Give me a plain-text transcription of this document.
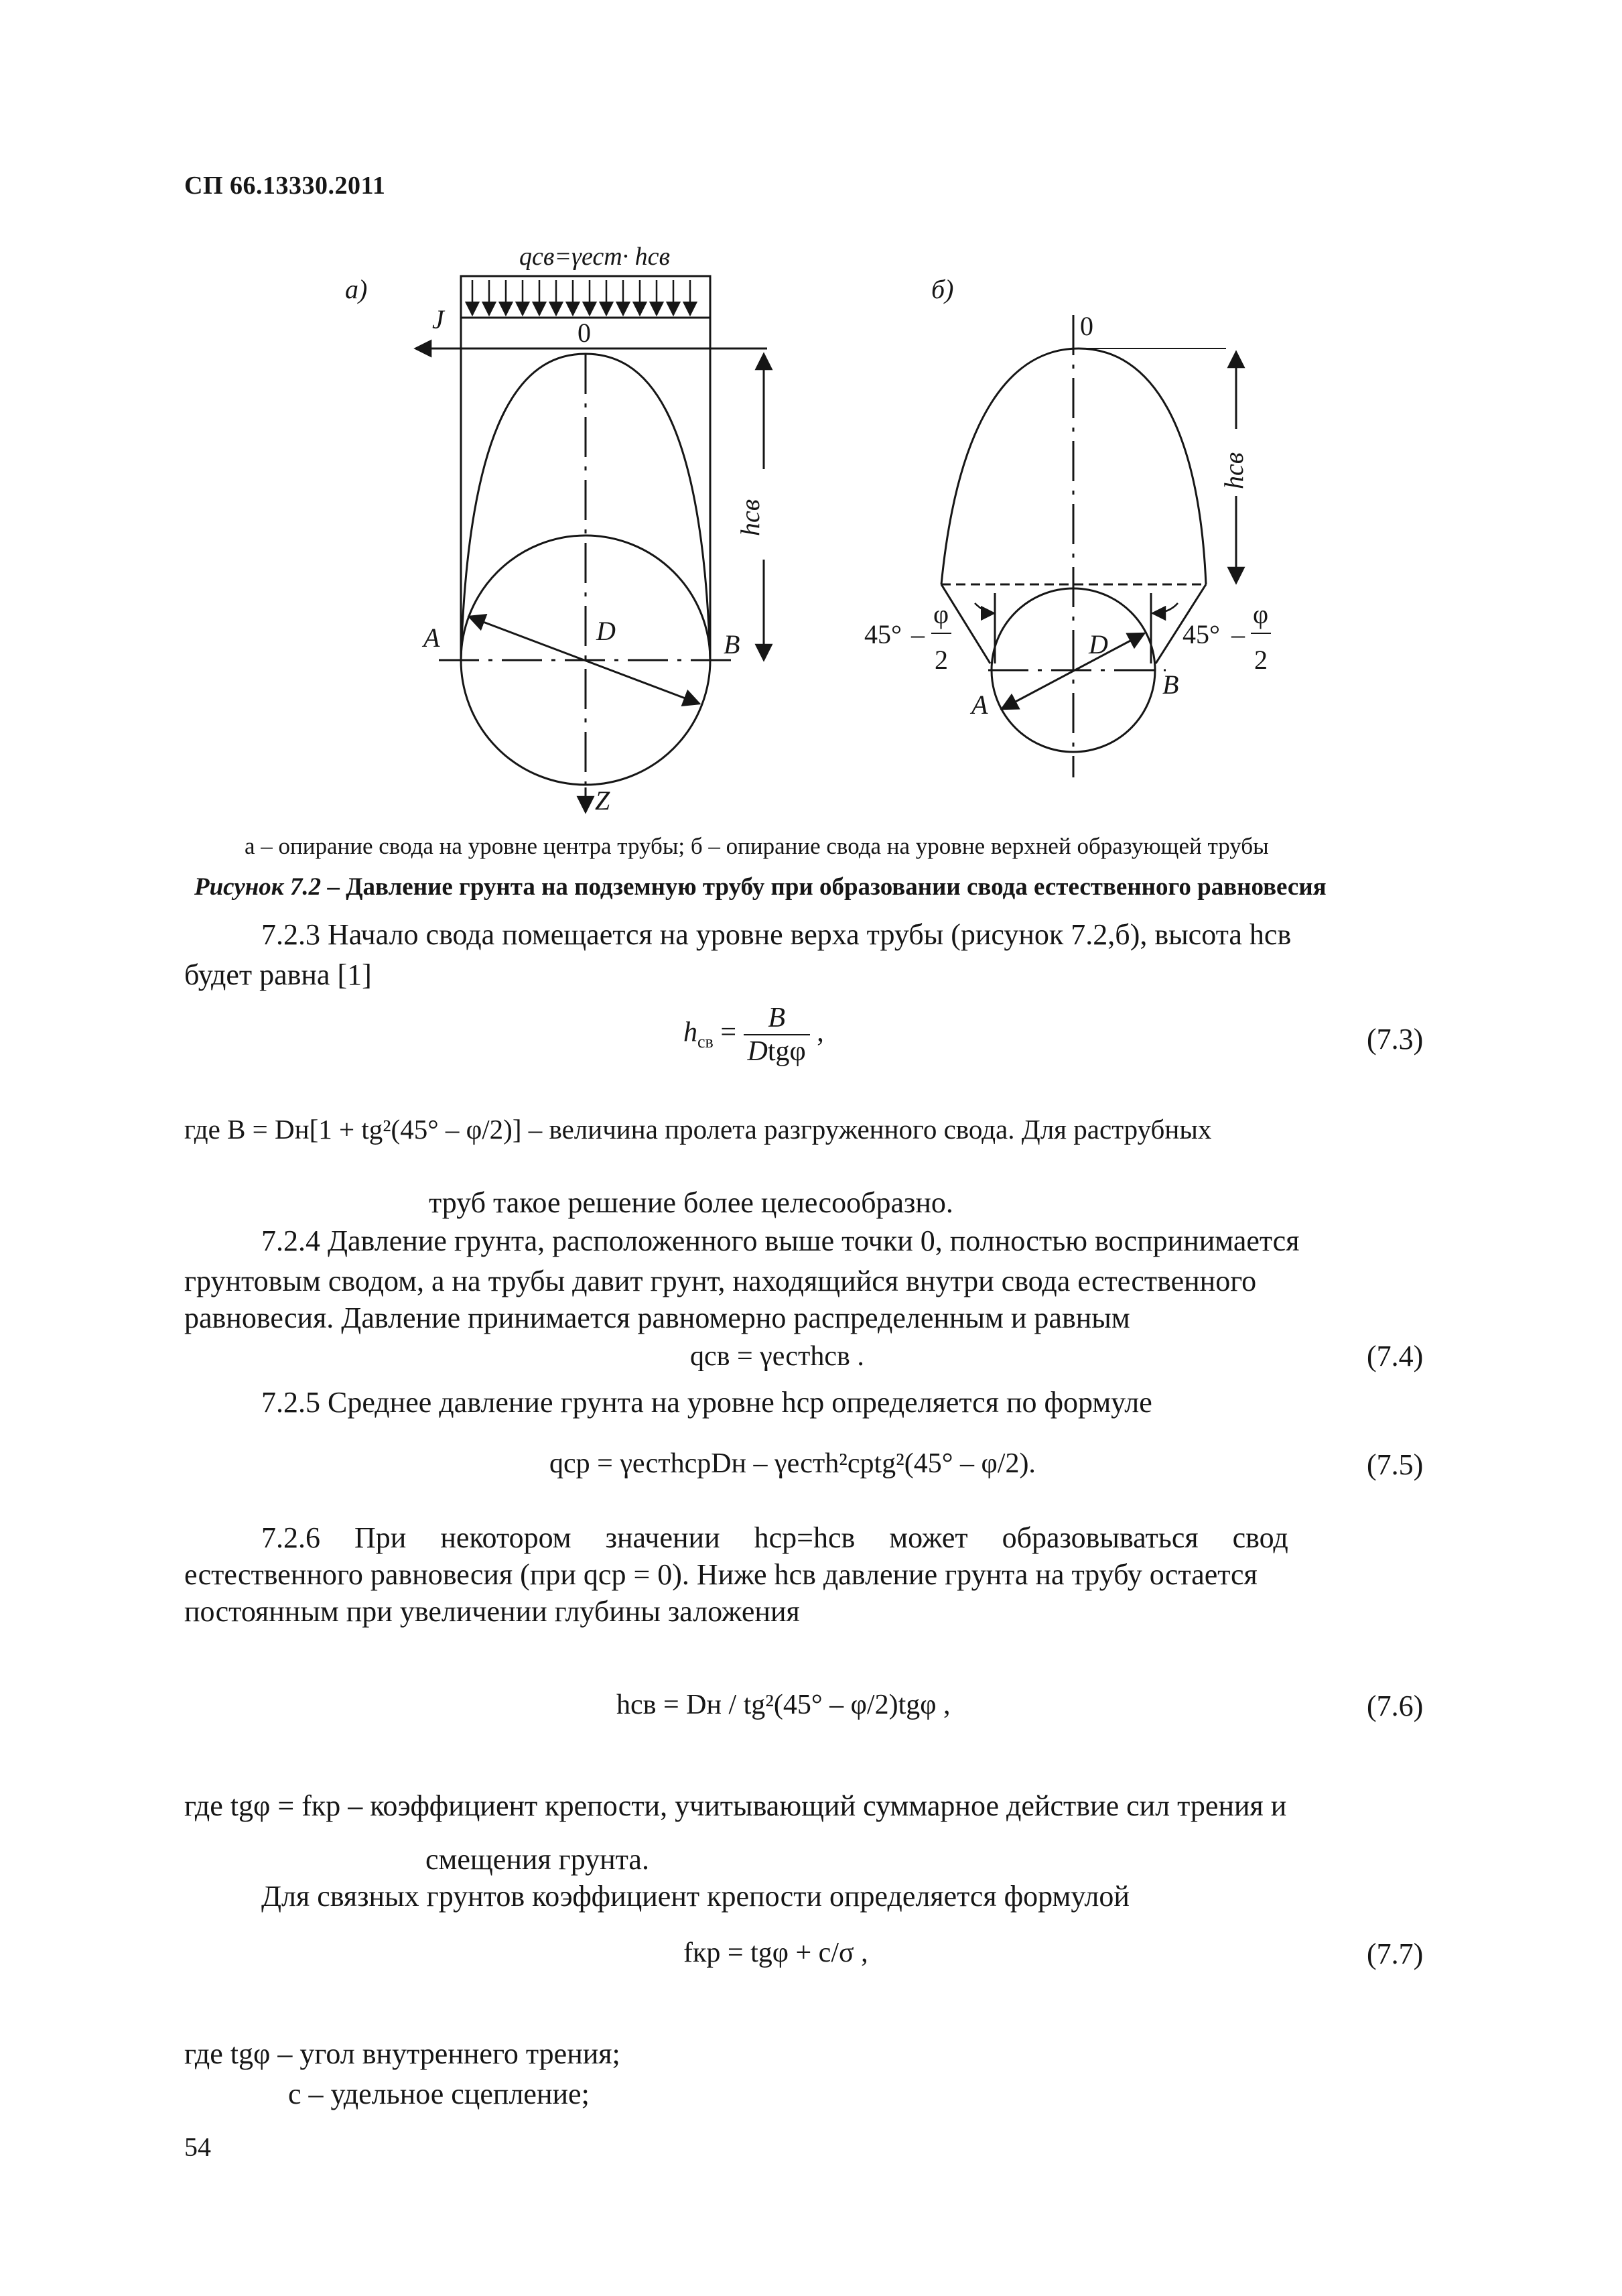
СП 66.13330.2011
а)
qсв=γест· hсв
J	0
A	B
D
Z
hсв
б)
0
hсв
A
B
D
45° –
φ
2
45° –
φ
2
а – опирание свода на уровне центра трубы; б – опирание свода на уровне верхней образующей трубы
Рисунок 7.2 – Давление грунта на подземную трубу при образовании свода естественного равновесия
7.2.3 Начало свода помещается на уровне верха трубы (рисунок 7.2,б), высота hсв
будет равна [1]
$h_{св} = \frac{B}{\text{Dtgφ}}$ ,	(7.3)
где B = Dн[1 + tg²(45° – φ/2)] – величина пролета разгруженного свода. Для раструбных
труб такое решение более целесообразно.
7.2.4 Давление грунта, расположенного выше точки 0, полностью воспринимается
грунтовым сводом, а на трубы давит грунт, находящийся внутри свода естественного
равновесия. Давление принимается равномерно распределенным и равным
qсв = γестhсв .	(7.4)
7.2.5 Среднее давление грунта на уровне hср определяется по формуле
qср = γестhсрDн – γестh²срtg²(45° – φ/2).	(7.5)
7.2.6 При некотором значении hср=hсв может образовываться свод
естественного равновесия (при qср = 0). Ниже hсв давление грунта на трубу остается
постоянным при увеличении глубины заложения
hсв = Dн / tg²(45° – φ/2)tgφ ,	(7.6)
где tgφ = fкр – коэффициент крепости, учитывающий суммарное действие сил трения и
смещения грунта.
Для связных грунтов коэффициент крепости определяется формулой
fкр = tgφ + c/σ ,	(7.7)
где tgφ – угол внутреннего трения;
c – удельное сцепление;
54
